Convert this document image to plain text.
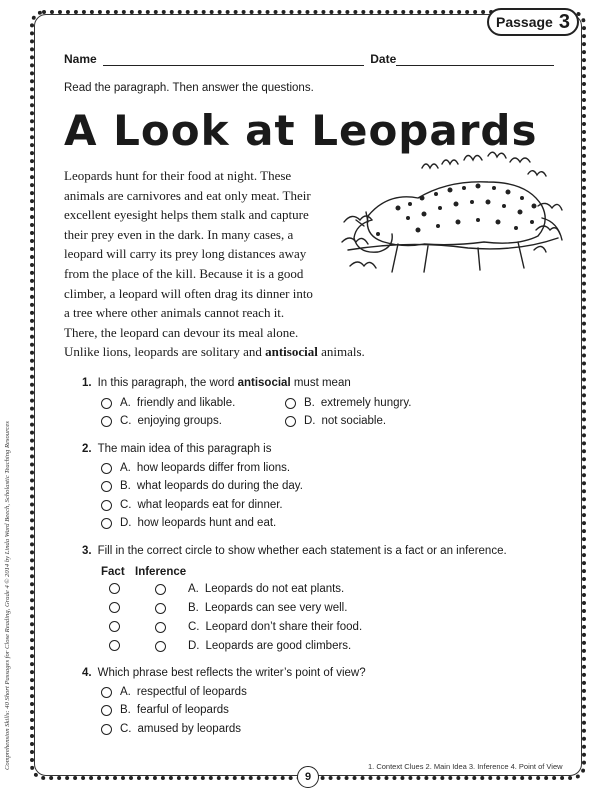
Passage 3
Name	Date
Read the paragraph. Then answer the questions.
A Look at Leopards
Leopards hunt for their food at night. These
animals are carnivores and eat only meat. Their
excellent eyesight helps them stalk and capture
their prey even in the dark. In many cases, a
leopard will carry its prey long distances away
from the place of the kill. Because it is a good
climber, a leopard will often drag its dinner into
a tree where other animals cannot reach it.
There, the leopard can devour its meal alone.
Unlike lions, leopards are solitary and antisocial animals.
1. In this paragraph, the word antisocial must mean
A. friendly and likable.	B. extremely hungry.
C. enjoying groups.	D. not sociable.
2. The main idea of this paragraph is
A. how leopards differ from lions.
B. what leopards do during the day.
C. what leopards eat for dinner.
D. how leopards hunt and eat.
3. Fill in the correct circle to show whether each statement is a fact or an inference.
Fact Inference
A. Leopards do not eat plants.
B. Leopards can see very well.
C. Leopard don’t share their food.
D. Leopards are good climbers.
4. Which phrase best reflects the writer’s point of view?
A. respectful of leopards
B. fearful of leopards
C. amused by leopards
1. Context Clues 2. Main Idea 3. Inference 4. Point of View
9
Comprehension Skills: 40 Short Passages for Close Reading, Grade 4 © 2014 by Linda Ward Beech, Scholastic Teaching Resources
